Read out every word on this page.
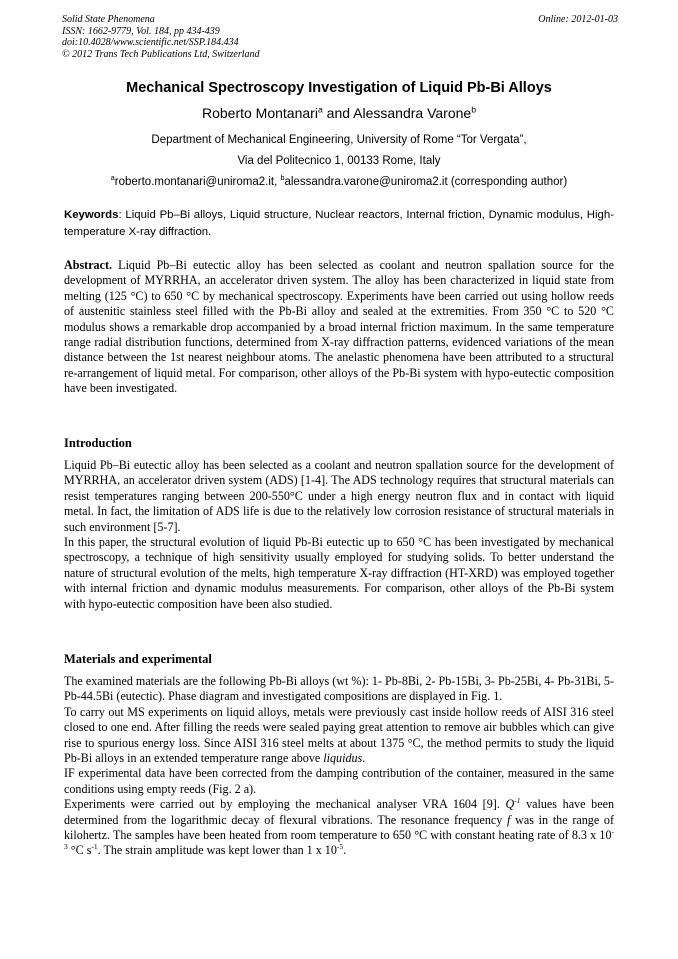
Solid State Phenomena
ISSN: 1662-9779, Vol. 184, pp 434-439
doi:10.4028/www.scientific.net/SSP.184.434
© 2012 Trans Tech Publications Ltd, Switzerland
Online: 2012-01-03
Mechanical Spectroscopy Investigation of Liquid Pb-Bi Alloys
Roberto Montanari$^a$ and Alessandra Varone$^b$
Department of Mechanical Engineering, University of Rome “Tor Vergata”,
Via del Politecnico 1, 00133 Rome, Italy
$^a$roberto.montanari@uniroma2.it, $^b$alessandra.varone@uniroma2.it (corresponding author)
Keywords: Liquid Pb–Bi alloys, Liquid structure, Nuclear reactors, Internal friction, Dynamic modulus, High-temperature X-ray diffraction.
Abstract. Liquid Pb–Bi eutectic alloy has been selected as coolant and neutron spallation source for the development of MYRRHA, an accelerator driven system. The alloy has been characterized in liquid state from melting (125 °C) to 650 °C by mechanical spectroscopy. Experiments have been carried out using hollow reeds of austenitic stainless steel filled with the Pb-Bi alloy and sealed at the extremities. From 350 °C to 520 °C modulus shows a remarkable drop accompanied by a broad internal friction maximum. In the same temperature range radial distribution functions, determined from X-ray diffraction patterns, evidenced variations of the mean distance between the 1st nearest neighbour atoms. The anelastic phenomena have been attributed to a structural re-arrangement of liquid metal. For comparison, other alloys of the Pb-Bi system with hypo-eutectic composition have been investigated.
Introduction

Liquid Pb–Bi eutectic alloy has been selected as a coolant and neutron spallation source for the development of MYRRHA, an accelerator driven system (ADS) [1-4]. The ADS technology requires that structural materials can resist temperatures ranging between 200-550°C under a high energy neutron flux and in contact with liquid metal. In fact, the limitation of ADS life is due to the relatively low corrosion resistance of structural materials in such environment [5-7].

In this paper, the structural evolution of liquid Pb-Bi eutectic up to 650 °C has been investigated by mechanical spectroscopy, a technique of high sensitivity usually employed for studying solids. To better understand the nature of structural evolution of the melts, high temperature X-ray diffraction (HT-XRD) was employed together with internal friction and dynamic modulus measurements. For comparison, other alloys of the Pb-Bi system with hypo-eutectic composition have been also studied.

Materials and experimental

The examined materials are the following Pb-Bi alloys (wt %): 1- Pb-8Bi, 2- Pb-15Bi, 3- Pb-25Bi, 4- Pb-31Bi, 5- Pb-44.5Bi (eutectic). Phase diagram and investigated compositions are displayed in Fig. 1.

To carry out MS experiments on liquid alloys, metals were previously cast inside hollow reeds of AISI 316 steel closed to one end. After filling the reeds were sealed paying great attention to remove air bubbles which can give rise to spurious energy loss. Since AISI 316 steel melts at about 1375 °C, the method permits to study the liquid Pb-Bi alloys in an extended temperature range above liquidus.

IF experimental data have been corrected from the damping contribution of the container, measured in the same conditions using empty reeds (Fig. 2 a).

Experiments were carried out by employing the mechanical analyser VRA 1604 [9]. $Q^{-1}$ values have been determined from the logarithmic decay of flexural vibrations. The resonance frequency f was in the range of kilohertz. The samples have been heated from room temperature to 650 °C with constant heating rate of 8.3 x $10^{-3}$ °C $s^{-1}$. The strain amplitude was kept lower than 1 x $10^{-5}$.
